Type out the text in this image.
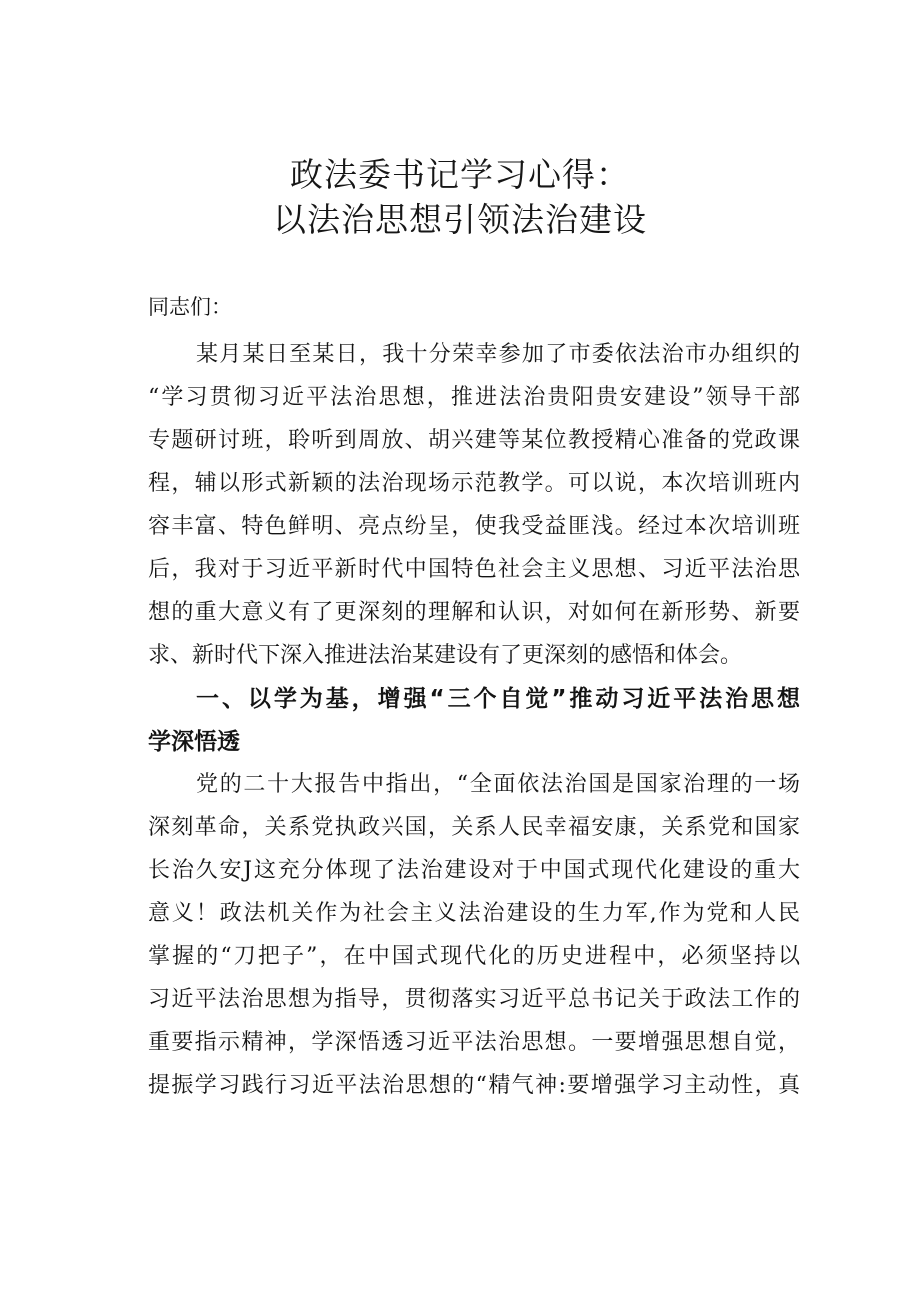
政法委书记学习心得：
以法治思想引领法治建设
同志们：
某月某日至某日，我十分荣幸参加了市委依法治市办组织的
“学习贯彻习近平法治思想，推进法治贵阳贵安建设”领导干部
专题研讨班，聆听到周放、胡兴建等某位教授精心准备的党政课
程，辅以形式新颖的法治现场示范教学。可以说，本次培训班内
容丰富、特色鲜明、亮点纷呈，使我受益匪浅。经过本次培训班
后，我对于习近平新时代中国特色社会主义思想、习近平法治思
想的重大意义有了更深刻的理解和认识，对如何在新形势、新要
求、新时代下深入推进法治某建设有了更深刻的感悟和体会。
一、以学为基，增强“三个自觉”推动习近平法治思想
学深悟透
党的二十大报告中指出，“全面依法治国是国家治理的一场
深刻革命，关系党执政兴国，关系人民幸福安康，关系党和国家
长治久安J这充分体现了法治建设对于中国式现代化建设的重大
意义！政法机关作为社会主义法治建设的生力军,作为党和人民
掌握的“刀把子”，在中国式现代化的历史进程中，必须坚持以
习近平法治思想为指导，贯彻落实习近平总书记关于政法工作的
重要指示精神，学深悟透习近平法治思想。一要增强思想自觉，
提振学习践行习近平法治思想的“精气神:要增强学习主动性，真
